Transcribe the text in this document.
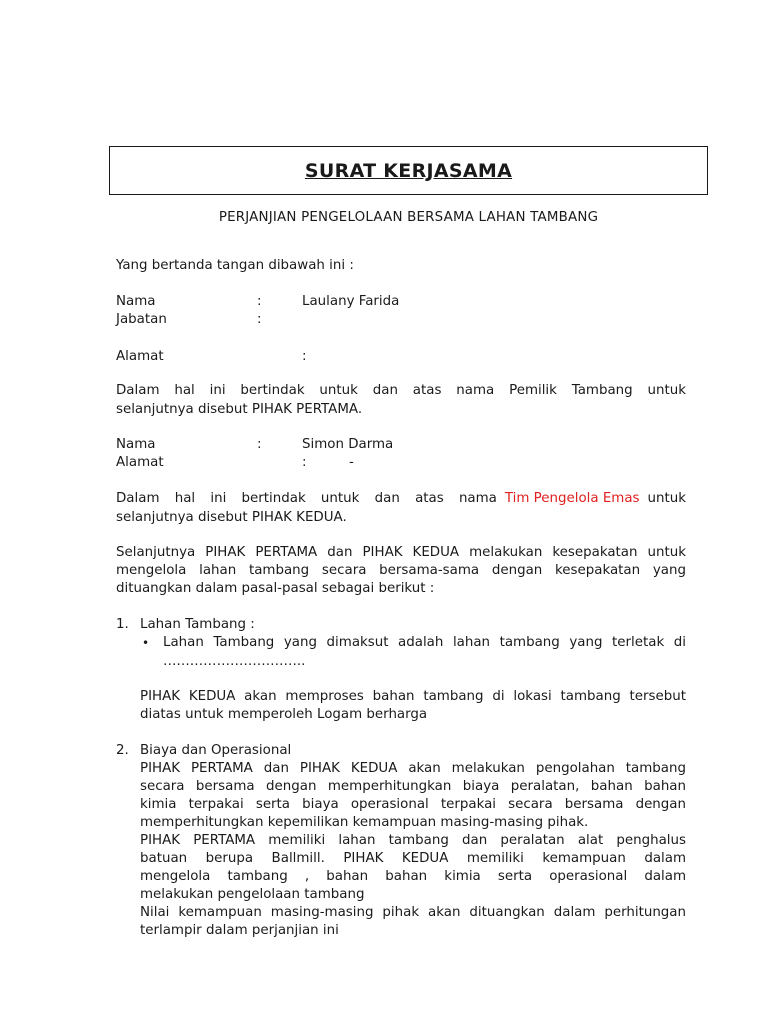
SURAT KERJASAMA
PERJANJIAN PENGELOLAAN BERSAMA LAHAN TAMBANG
Yang bertanda tangan dibawah ini :
Nama	:	Laulany Farida
Jabatan	:
Alamat	:
Dalam hal ini bertindak untuk dan atas nama Pemilik Tambang untuk
selanjutnya disebut PIHAK PERTAMA.
Nama	:	Simon Darma
Alamat	:	-
Dalam hal ini bertindak untuk dan atas nama Tim Pengelola Emas untuk
selanjutnya disebut PIHAK KEDUA.
Selanjutnya PIHAK PERTAMA dan PIHAK KEDUA melakukan kesepakatan untuk
mengelola lahan tambang secara bersama-sama dengan kesepakatan yang
dituangkan dalam pasal-pasal sebagai berikut :
1. Lahan Tambang :
• Lahan Tambang yang dimaksut adalah lahan tambang yang terletak di
…………………………..
PIHAK KEDUA akan memproses bahan tambang di lokasi tambang tersebut
diatas untuk memperoleh Logam berharga
2. Biaya dan Operasional
PIHAK PERTAMA dan PIHAK KEDUA akan melakukan pengolahan tambang
secara bersama dengan memperhitungkan biaya peralatan, bahan bahan
kimia terpakai serta biaya operasional terpakai secara bersama dengan
memperhitungkan kepemilikan kemampuan masing-masing pihak.
PIHAK PERTAMA memiliki lahan tambang dan peralatan alat penghalus
batuan berupa Ballmill. PIHAK KEDUA memiliki kemampuan dalam
mengelola tambang , bahan bahan kimia serta operasional dalam
melakukan pengelolaan tambang
Nilai kemampuan masing-masing pihak akan dituangkan dalam perhitungan
terlampir dalam perjanjian ini
